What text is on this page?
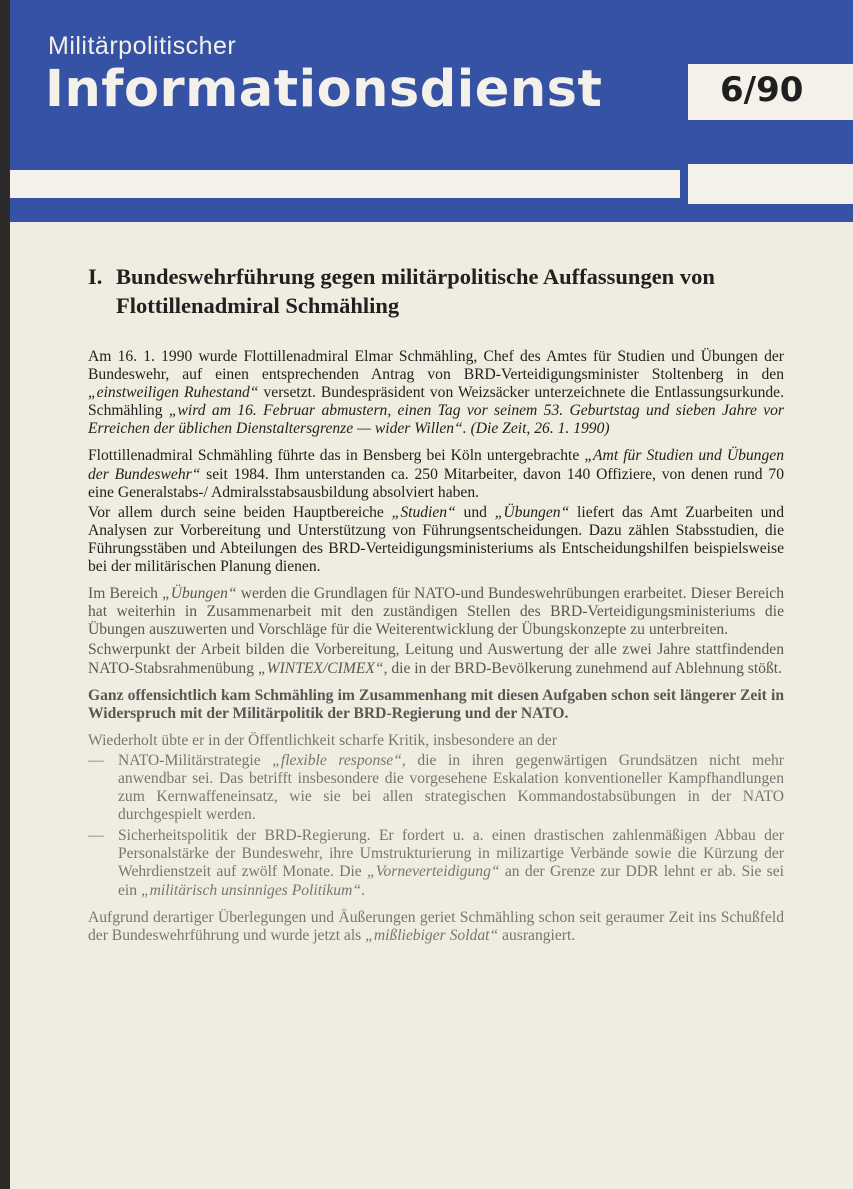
Militärpolitischer
Informationsdienst	6/90
I. Bundeswehrführung gegen militärpolitische Auffassungen von Flottillenadmiral Schmähling

Am 16. 1. 1990 wurde Flottillenadmiral Elmar Schmähling, Chef des Amtes für Studien und Übungen der Bundeswehr, auf einen entsprechenden Antrag von BRD-Verteidigungsminister Stoltenberg in den „einstweiligen Ruhestand“ versetzt. Bundespräsident von Weizsäcker unterzeichnete die Entlassungsurkunde. Schmähling „wird am 16. Februar abmustern, einen Tag vor seinem 53. Geburtstag und sieben Jahre vor Erreichen der üblichen Dienstaltersgrenze — wider Willen“. (Die Zeit, 26. 1. 1990)

Flottillenadmiral Schmähling führte das in Bensberg bei Köln untergebrachte „Amt für Studien und Übungen der Bundeswehr“ seit 1984. Ihm unterstanden ca. 250 Mitarbeiter, davon 140 Offiziere, von denen rund 70 eine Generalstabs-/ Admiralsstabsausbildung absolviert haben.

Vor allem durch seine beiden Hauptbereiche „Studien“ und „Übungen“ liefert das Amt Zuarbeiten und Analysen zur Vorbereitung und Unterstützung von Führungsentscheidungen. Dazu zählen Stabsstudien, die Führungsstäben und Abteilungen des BRD-Verteidigungsministeriums als Entscheidungshilfen beispielsweise bei der militärischen Planung dienen.

Im Bereich „Übungen“ werden die Grundlagen für NATO-und Bundeswehrübungen erarbeitet. Dieser Bereich hat weiterhin in Zusammenarbeit mit den zuständigen Stellen des BRD-Verteidigungsministeriums die Übungen auszuwerten und Vorschläge für die Weiterentwicklung der Übungskonzepte zu unterbreiten.

Schwerpunkt der Arbeit bilden die Vorbereitung, Leitung und Auswertung der alle zwei Jahre stattfindenden NATO-Stabsrahmenübung „WINTEX/CIMEX“, die in der BRD-Bevölkerung zunehmend auf Ablehnung stößt.

Ganz offensichtlich kam Schmähling im Zusammenhang mit diesen Aufgaben schon seit längerer Zeit in Widerspruch mit der Militärpolitik der BRD-Regierung und der NATO.

Wiederholt übte er in der Öffentlichkeit scharfe Kritik, insbesondere an der

— NATO-Militärstrategie „flexible response“, die in ihren gegenwärtigen Grundsätzen nicht mehr anwendbar sei. Das betrifft insbesondere die vorgesehene Eskalation konventioneller Kampfhandlungen zum Kernwaffeneinsatz, wie sie bei allen strategischen Kommandostabsübungen in der NATO durchgespielt werden.
— Sicherheitspolitik der BRD-Regierung. Er fordert u. a. einen drastischen zahlenmäßigen Abbau der Personalstärke der Bundeswehr, ihre Umstrukturierung in milizartige Verbände sowie die Kürzung der Wehrdienstzeit auf zwölf Monate. Die „Vorneverteidigung“ an der Grenze zur DDR lehnt er ab. Sie sei ein „militärisch unsinniges Politikum“.

Aufgrund derartiger Überlegungen und Äußerungen geriet Schmähling schon seit geraumer Zeit ins Schußfeld der Bundeswehrführung und wurde jetzt als „mißliebiger Soldat“ ausrangiert.
